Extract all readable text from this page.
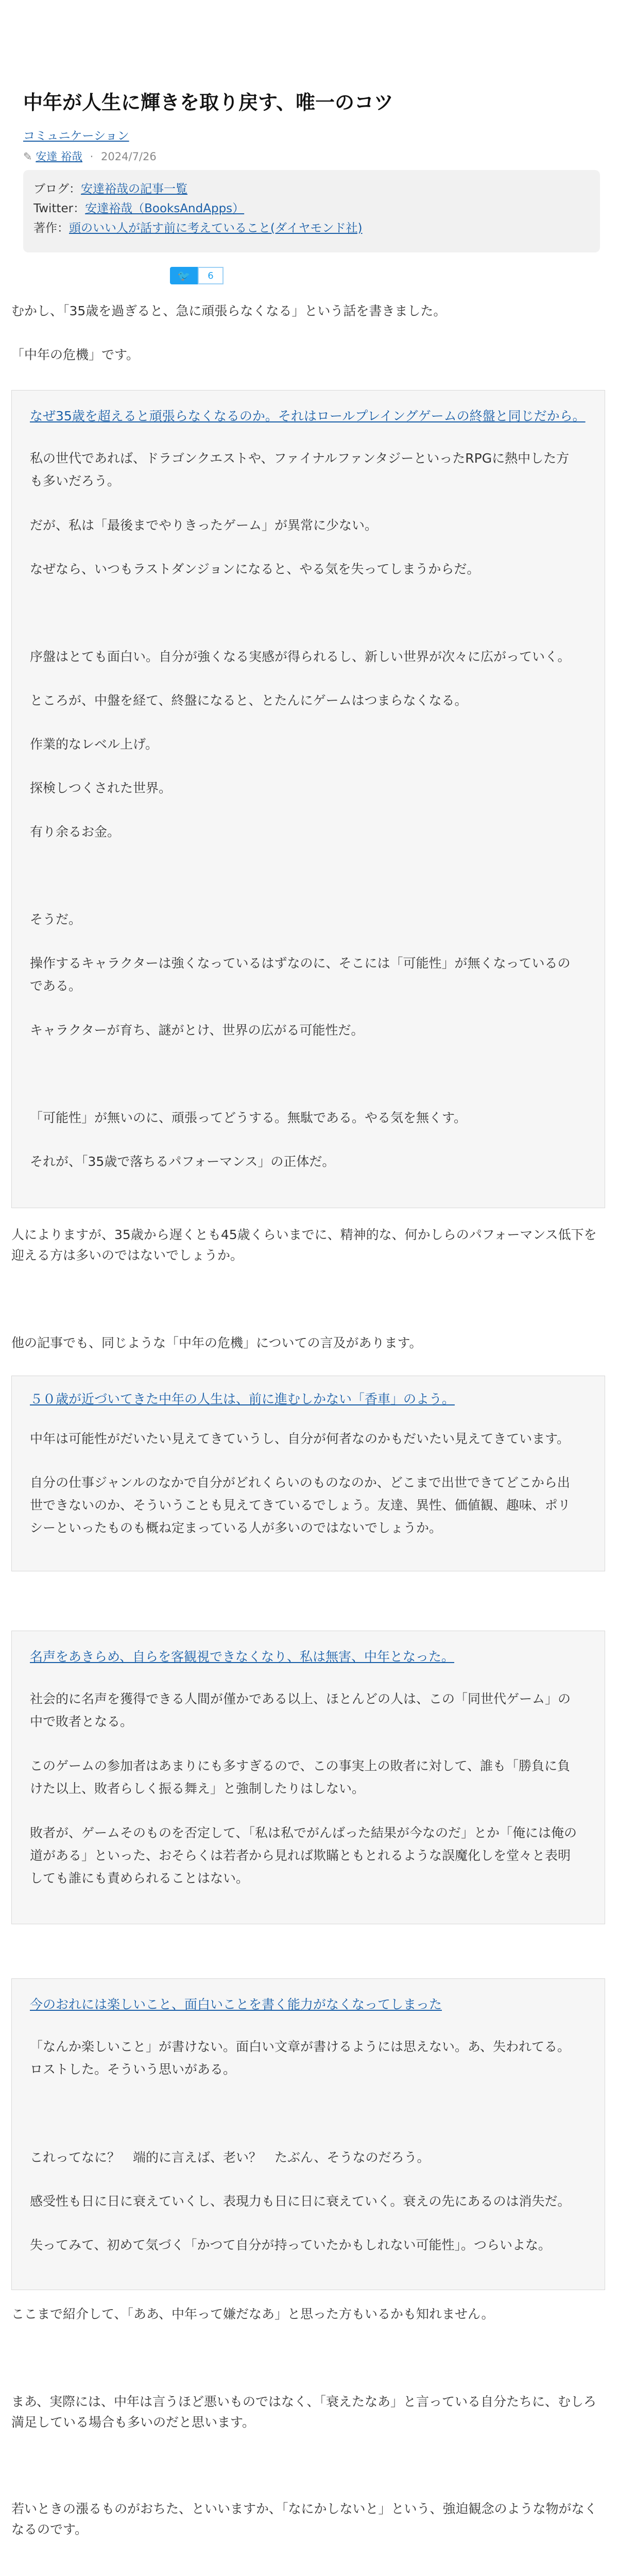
中年が人生に輝きを取り戻す、唯一のコツ
コミュニケーション
✎ 安達 裕哉 · 2024/7/26
ブログ：安達裕哉の記事一覧
Twitter：安達裕哉（BooksAndApps）
著作：頭のいい人が話す前に考えていること(ダイヤモンド社)
🐦	6

むかし、「35歳を過ぎると、急に頑張らなくなる」という話を書きました。

「中年の危機」です。

なぜ35歳を超えると頑張らなくなるのか。それはロールプレイングゲームの終盤と同じだから。

私の世代であれば、ドラゴンクエストや、ファイナルファンタジーといったRPGに熱中した方も多いだろう。

だが、私は「最後までやりきったゲーム」が異常に少ない。

なぜなら、いつもラストダンジョンになると、やる気を失ってしまうからだ。

序盤はとても面白い。自分が強くなる実感が得られるし、新しい世界が次々に広がっていく。

ところが、中盤を経て、終盤になると、とたんにゲームはつまらなくなる。

作業的なレベル上げ。

探検しつくされた世界。

有り余るお金。

そうだ。

操作するキャラクターは強くなっているはずなのに、そこには「可能性」が無くなっているのである。

キャラクターが育ち、謎がとけ、世界の広がる可能性だ。

「可能性」が無いのに、頑張ってどうする。無駄である。やる気を無くす。

それが、「35歳で落ちるパフォーマンス」の正体だ。

人によりますが、35歳から遅くとも45歳くらいまでに、精神的な、何かしらのパフォーマンス低下を迎える方は多いのではないでしょうか。

他の記事でも、同じような「中年の危機」についての言及があります。

５０歳が近づいてきた中年の人生は、前に進むしかない「香車」のよう。

中年は可能性がだいたい見えてきていうし、自分が何者なのかもだいたい見えてきています。

自分の仕事ジャンルのなかで自分がどれくらいのものなのか、どこまで出世できてどこから出世できないのか、そういうことも見えてきているでしょう。友達、異性、価値観、趣味、ポリシーといったものも概ね定まっている人が多いのではないでしょうか。

名声をあきらめ、自らを客観視できなくなり、私は無害、中年となった。

社会的に名声を獲得できる人間が僅かである以上、ほとんどの人は、この「同世代ゲーム」の中で敗者となる。

このゲームの参加者はあまりにも多すぎるので、この事実上の敗者に対して、誰も「勝負に負けた以上、敗者らしく振る舞え」と強制したりはしない。

敗者が、ゲームそのものを否定して、「私は私でがんばった結果が今なのだ」とか「俺には俺の道がある」といった、おそらくは若者から見れば欺瞞ともとれるような誤魔化しを堂々と表明しても誰にも責められることはない。

今のおれには楽しいこと、面白いことを書く能力がなくなってしまった

「なんか楽しいこと」が書けない。面白い文章が書けるようには思えない。あ、失われてる。ロストした。そういう思いがある。

これってなに？　端的に言えば、老い？　たぶん、そうなのだろう。

感受性も日に日に衰えていくし、表現力も日に日に衰えていく。衰えの先にあるのは消失だ。

失ってみて、初めて気づく「かつて自分が持っていたかもしれない可能性」。つらいよな。

ここまで紹介して、「ああ、中年って嫌だなあ」と思った方もいるかも知れません。

まあ、実際には、中年は言うほど悪いものではなく、「衰えたなあ」と言っている自分たちに、むしろ満足している場合も多いのだと思います。

若いときの漲るものがおちた、といいますか、「なにかしないと」という、強迫観念のような物がなくなるのです。
